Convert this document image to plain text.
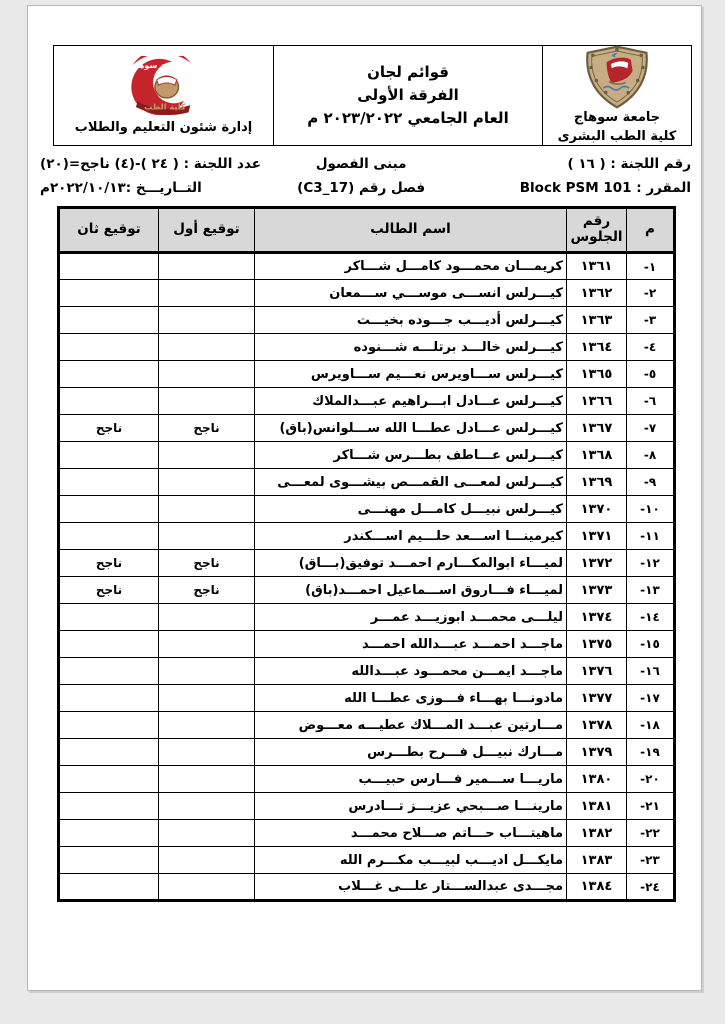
جامعة سوهاج
كلية الطب البشرى
قوائم لجان
الفرقة الأولى
العام الجامعي ٢٠٢٣/٢٠٢٢ م
جامعة سوهاج
كلية الطب
إدارة شئون التعليم والطلاب
رقم اللجنة : ( ١٦ )
المقرر : Block PSM 101
مبنى الفصول
فصل رقم (C3_17)
عدد اللجنة : ( ٢٤ )-(٤) ناجح=(٢٠)
التــاريـــخ :٢٠٢٢/١٠/١٣م
م	رقم الجلوس	اسم الطالب	توقيع أول	توقيع ثان
١-	١٣٦١	كريمـــان محمـــود كامـــل شـــاكر		
٢-	١٣٦٢	كيـــرلس انســـى موســـي ســـمعان		
٣-	١٣٦٣	كيـــرلس أديـــب جـــوده بخيـــت		
٤-	١٣٦٤	كيـــرلس خالـــد برتلـــه شـــنوده		
٥-	١٣٦٥	كيـــرلس ســـاويرس نعـــيم ســـاويرس		
٦-	١٣٦٦	كيـــرلس عـــادل ابـــراهيم عبـــدالملاك		
٧-	١٣٦٧	كيـــرلس عـــادل عطـــا الله ســـلوانس(باق)	ناجح	ناجح
٨-	١٣٦٨	كيـــرلس عـــاطف بطـــرس شـــاكر		
٩-	١٣٦٩	كيـــرلس لمعـــى القمـــص بيشـــوى لمعـــى		
١٠-	١٣٧٠	كيـــرلس نبيـــل كامـــل مهنـــى		
١١-	١٣٧١	كيرمينـــا اســـعد حلـــيم اســـكندر		
١٢-	١٣٧٢	لميـــاء ابوالمكـــارم احمـــد توفيق(بـــاق)	ناجح	ناجح
١٣-	١٣٧٣	لميـــاء فـــاروق اســـماعيل احمـــد(باق)	ناجح	ناجح
١٤-	١٣٧٤	ليلـــى محمـــد ابوزيـــد عمـــر		
١٥-	١٣٧٥	ماجـــد احمـــد عبـــدالله احمـــد		
١٦-	١٣٧٦	ماجـــد ايمـــن محمـــود عبـــدالله		
١٧-	١٣٧٧	مادونـــا بهـــاء فـــوزى عطـــا الله		
١٨-	١٣٧٨	مـــارتين عبـــد المـــلاك عطيـــه معـــوض		
١٩-	١٣٧٩	مـــارك نبيـــل فـــرح بطـــرس		
٢٠-	١٣٨٠	ماريـــا ســـمير فـــارس حبيـــب		
٢١-	١٣٨١	مارينـــا صـــبحي عزيـــز تـــادرس		
٢٢-	١٣٨٢	ماهيتـــاب حـــاتم صـــلاح محمـــد		
٢٣-	١٣٨٣	مايكـــل اديـــب لبيـــب مكـــرم الله		
٢٤-	١٣٨٤	مجـــدى عبدالســـتار علـــى غـــلاب		
